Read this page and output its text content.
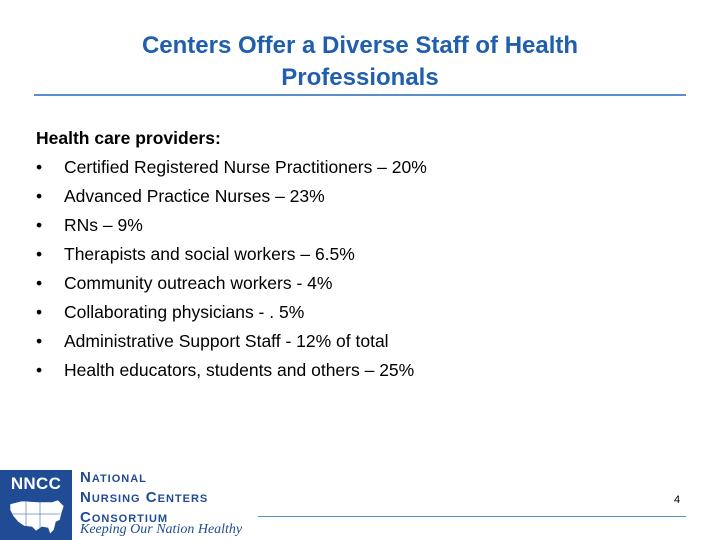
Centers Offer a Diverse Staff of Health
Professionals
Health care providers:
•	Certified Registered Nurse Practitioners – 20%
•	Advanced Practice Nurses – 23%
•	RNs – 9%
•	Therapists and social workers – 6.5%
•	Community outreach workers - 4%
•	Collaborating physicians - . 5%
•	Administrative Support Staff - 12% of total
•	Health educators, students and others – 25%
NNCC	National
Nursing Centers
Consortium
Keeping Our Nation Healthy
4
